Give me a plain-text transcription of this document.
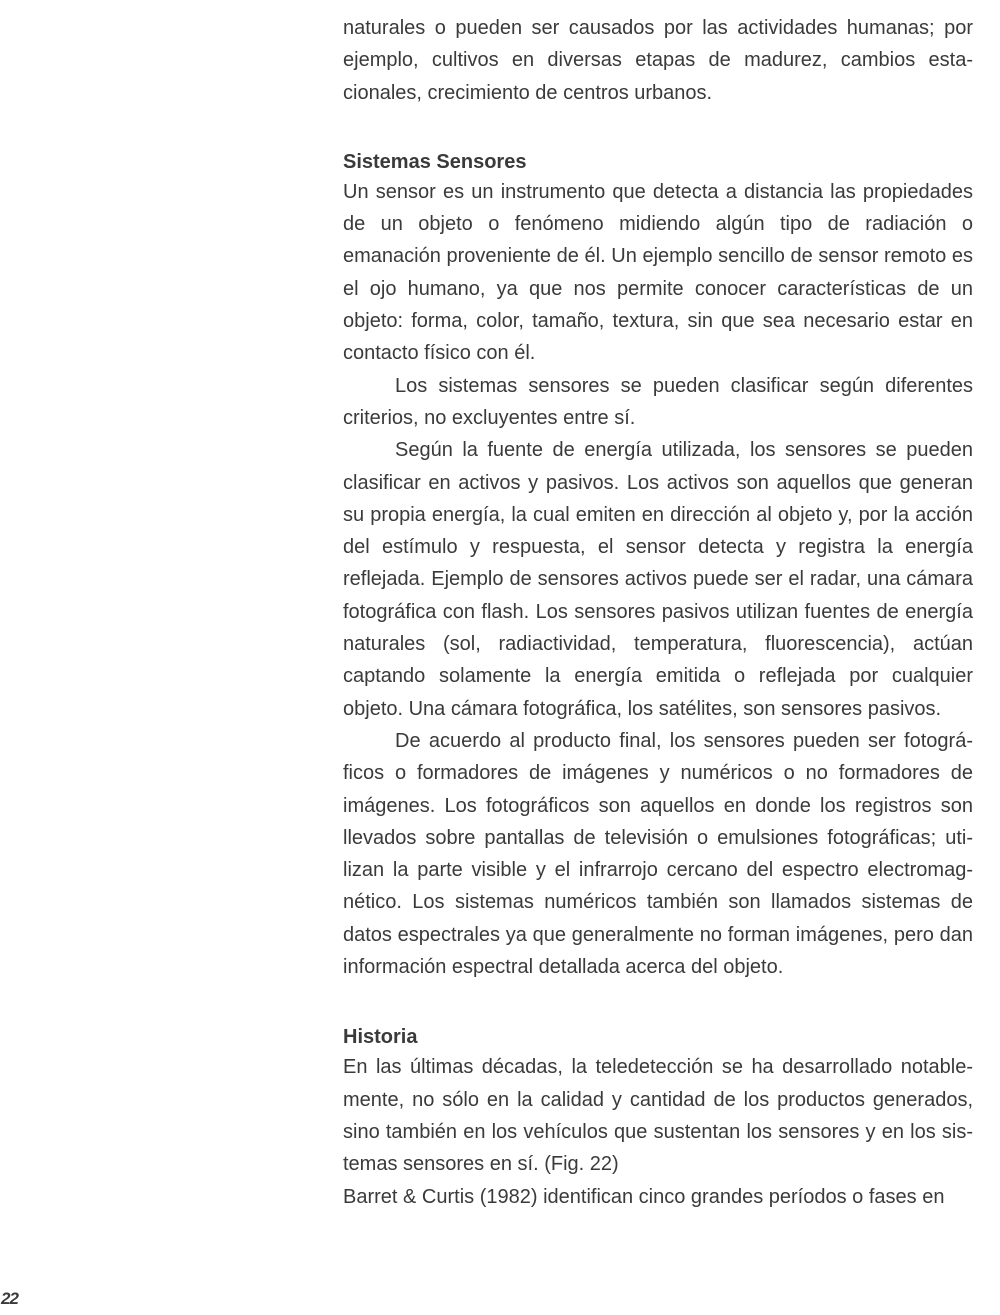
naturales o pueden ser causados por las actividades humanas; por ejemplo, cultivos en diversas etapas de madurez, cambios estacionales, crecimiento de centros urbanos.

Sistemas Sensores

Un sensor es un instrumento que detecta a distancia las propiedades de un objeto o fenómeno midiendo algún tipo de radiación o emanación proveniente de él. Un ejemplo sencillo de sensor remoto es el ojo humano, ya que nos permite conocer características de un objeto: forma, color, tamaño, textura, sin que sea necesario estar en contacto físico con él.

Los sistemas sensores se pueden clasificar según diferentes criterios, no excluyentes entre sí.

Según la fuente de energía utilizada, los sensores se pueden clasificar en activos y pasivos. Los activos son aquellos que generan su propia energía, la cual emiten en dirección al objeto y, por la acción del estímulo y respuesta, el sensor detecta y registra la energía reflejada. Ejemplo de sensores activos puede ser el radar, una cámara fotográfica con flash. Los sensores pasivos utilizan fuentes de energía naturales (sol, radiactividad, temperatura, fluorescencia), actúan captando solamente la energía emitida o reflejada por cualquier objeto. Una cámara fotográfica, los satélites, son sensores pasivos.

De acuerdo al producto final, los sensores pueden ser fotográficos o formadores de imágenes y numéricos o no formadores de imágenes. Los fotográficos son aquellos en donde los registros son llevados sobre pantallas de televisión o emulsiones fotográficas; utilizan la parte visible y el infrarrojo cercano del espectro electromagnético. Los sistemas numéricos también son llamados sistemas de datos espectrales ya que generalmente no forman imágenes, pero dan información espectral detallada acerca del objeto.

Historia

En las últimas décadas, la teledetección se ha desarrollado notablemente, no sólo en la calidad y cantidad de los productos generados, sino también en los vehículos que sustentan los sensores y en los sistemas sensores en sí. (Fig. 22)

Barret & Curtis (1982) identifican cinco grandes períodos o fases en

22
